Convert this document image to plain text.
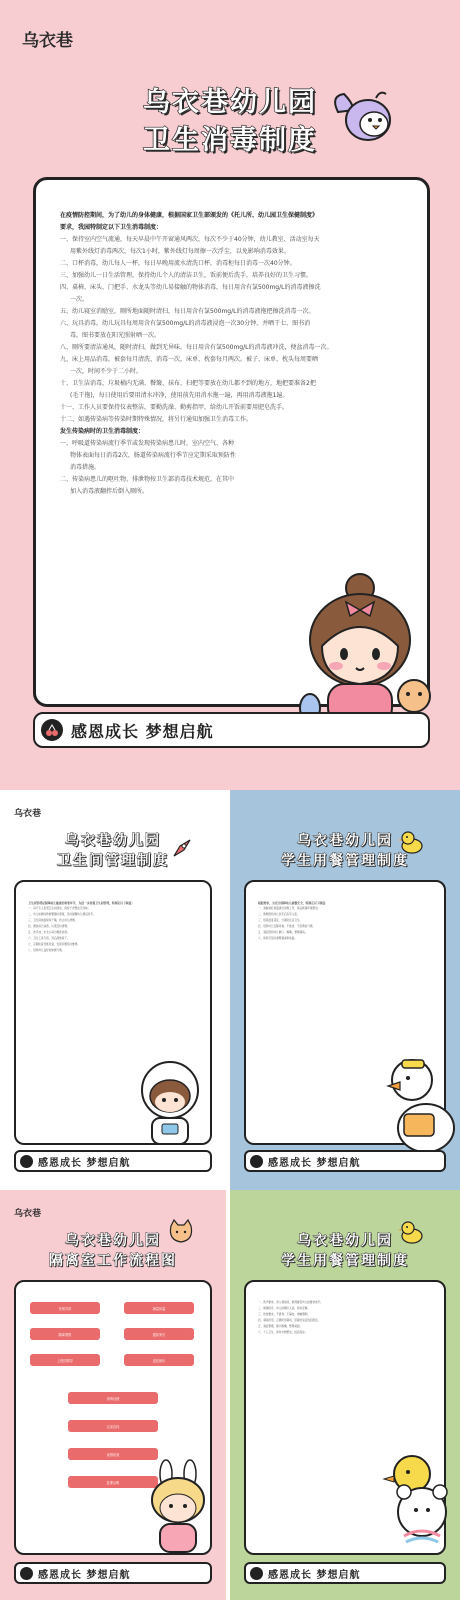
乌衣巷
乌衣巷幼儿园
卫生消毒制度
在疫情防控期间，为了幼儿的身体健康，根据国家卫生部颁发的《托儿所、幼儿园卫生保健制度》
要求，我园特制定以下卫生消毒制度：
一、保持室内空气流通，每天早晨中午开窗通风两次，每次不少于40分钟，幼儿教室、活动室每天
用紫外线灯消毒两次，每次1小时，紫外线灯每周擦一次浮尘，以免影响消毒效果。
二、口杯消毒，幼儿每人一杯，每日早晚用流水清洗口杯，消毒柜每日消毒一次40分钟。
三、加强幼儿一日生活管理，保持幼儿个人的清洁卫生，饭前便后洗手，培养良好的卫生习惯。
四、桌椅、床头、门把手、水龙头等幼儿易接触的物体消毒，每日用含有氯500mg/L的消毒液擦洗
一次。
五、幼儿寝室消励室，厕所地面随时清扫，每日用含有氯500mg/L的消毒液拖把擦洗消毒一次。
六、玩具消毒，幼儿玩具每周用含有氯500mg/L的消毒液浸泡一次30分钟，并晒干七、图书消
毒，图书要放在阳光照射晒一次。
八、厕所要清洁通风，随时清扫，做到无异味，每日用含有氯500mg/L的消毒液冲洗，便盆消毒一次。
九、床上用品消毒，被套每月清洗、消毒一次，床单、枕套每月两次。被子、床单、枕头每周要晒
一次，时间不少于二小时。
十、卫生洁消毒，垃圾桶内无满、餐簸、抹布、扫把等要放在幼儿都不到的地方，地把要准备2把
(毛干拖)，每日使用后要用清水冲净，使用前先用消水拖一遍，再用消毒液拖1遍。
十一、工作人员要保持仪表整洁，要勤洗澡、勤剪指甲，给幼儿开饭前要用肥皂洗手。
十二、如遇传染病等传染时期特殊情况，将另行通知加强卫生消毒工作。
发生传染病时的卫生消毒制度：
一、呼吸道传染病流行季节或发现传染病患儿时，室内空气、各种
物体表面每日消毒2次，肠道传染病流行季节应定期采取预防性
消毒措施。
二、传染病患儿的呕吐物、排泄物按卫生部消毒技术规范，在其中
加入消毒液翻拌后倒入厕所。
感恩成长 梦想启航
乌衣巷
乌衣巷幼儿园
卫生间管理制度
卫生间管理是保障幼儿健康的重要环节，为进一步加强卫生间管理，特制定以下制度：
一、每天专人负责卫生间清洁，保持干净整洁无异味。
二、幼儿如厕时教师要随时观察，及时提醒幼儿便后洗手。
三、卫生间地面保持干燥，防止幼儿滑倒。
四、便池每日消毒，垃圾及时清理。
五、洗手池、水龙头每日擦洗消毒。
六、卫生工具专用，用后清洗晾干。
七、定期检查设施设备，发现问题及时维修。
八、培养幼儿良好的如厕习惯。
感恩成长 梦想启航
乌衣巷幼儿园
学生用餐管理制度
根据要求，为充分保障幼儿就餐安全，特制定以下制度：
一、餐前做好桌面清洁消毒工作，保证就餐环境整洁。
二、教师组织幼儿洗手后有序入座。
三、饭菜温度适宜，分餐时注意卫生。
四、培养幼儿安静进餐、不挑食、不浪费的习惯。
五、餐后组织幼儿漱口、擦嘴，整理餐具。
六、保育员及时清理餐桌和地面。
感恩成长 梦想启航
乌衣巷
乌衣巷幼儿园
隔离室工作流程图
发现异常	测量体温
隔离观察	通知家长
上报园领导	送医就诊
消毒处理
记录存档
返园检查
复课证明
感恩成长 梦想启航
乌衣巷幼儿园
学生用餐管理制度
一、洗手要求，进入餐室前，教师督促幼儿按要求洗手。
二、就餐秩序，幼儿按顺序入座，保持安静。
三、饮食要求，不挑食、不偏食，细嚼慢咽。
四、餐具使用，正确使用餐具，用餐结束后放回原处。
五、餐后整理，漱口擦嘴，整理桌面。
六、个人卫生，保持衣物整洁，饭后散步。
感恩成长 梦想启航
